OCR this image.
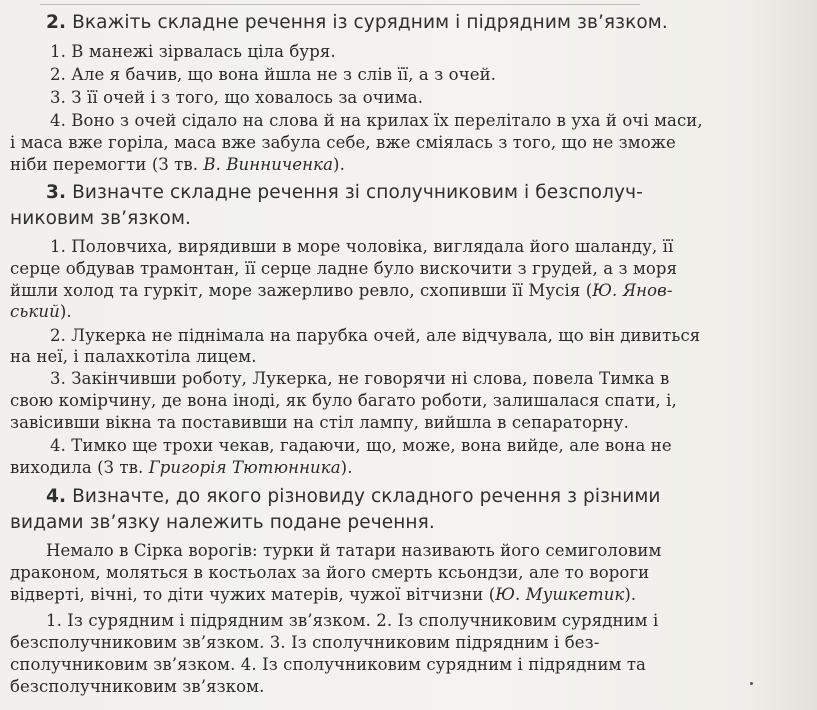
2. Вкажіть складне речення із сурядним і підрядним зв’язком.
1. В манежі зірвалась ціла буря.
2. Але я бачив, що вона йшла не з слів її, а з очей.
3. З її очей і з того, що ховалось за очима.
4. Воно з очей сідало на слова й на крилах їх перелітало в уха й очі маси,
і маса вже горіла, маса вже забула себе, вже сміялась з того, що не зможе
ніби перемогти (З тв. В. Винниченка).
3. Визначте складне речення зі сполучниковим і безсполуч-
никовим зв’язком.
1. Половчиха, вирядивши в море чоловіка, виглядала його шаланду, її
серце обдував трамонтан, її серце ладне було вискочити з грудей, а з моря
йшли холод та гуркіт, море зажерливо ревло, схопивши її Мусія (Ю. Янов-
ський).
2. Лукерка не піднімала на парубка очей, але відчувала, що він дивиться
на неї, і палахкотіла лицем.
3. Закінчивши роботу, Лукерка, не говорячи ні слова, повела Тимка в
свою комірчину, де вона іноді, як було багато роботи, залишалася спати, і,
завісивши вікна та поставивши на стіл лампу, вийшла в сепараторну.
4. Тимко ще трохи чекав, гадаючи, що, може, вона вийде, але вона не
виходила (З тв. Григорія Тютюнника).
4. Визначте, до якого різновиду складного речення з різними
видами зв’язку належить подане речення.
Немало в Сірка ворогів: турки й татари називають його семиголовим
драконом, моляться в костьолах за його смерть ксьондзи, але то вороги
відверті, вічні, то діти чужих матерів, чужої вітчизни (Ю. Мушкетик).
1. Із сурядним і підрядним зв’язком. 2. Із сполучниковим сурядним і
безсполучниковим зв’язком. 3. Із сполучниковим підрядним і без-
сполучниковим зв’язком. 4. Із сполучниковим сурядним і підрядним та
безсполучниковим зв’язком.
